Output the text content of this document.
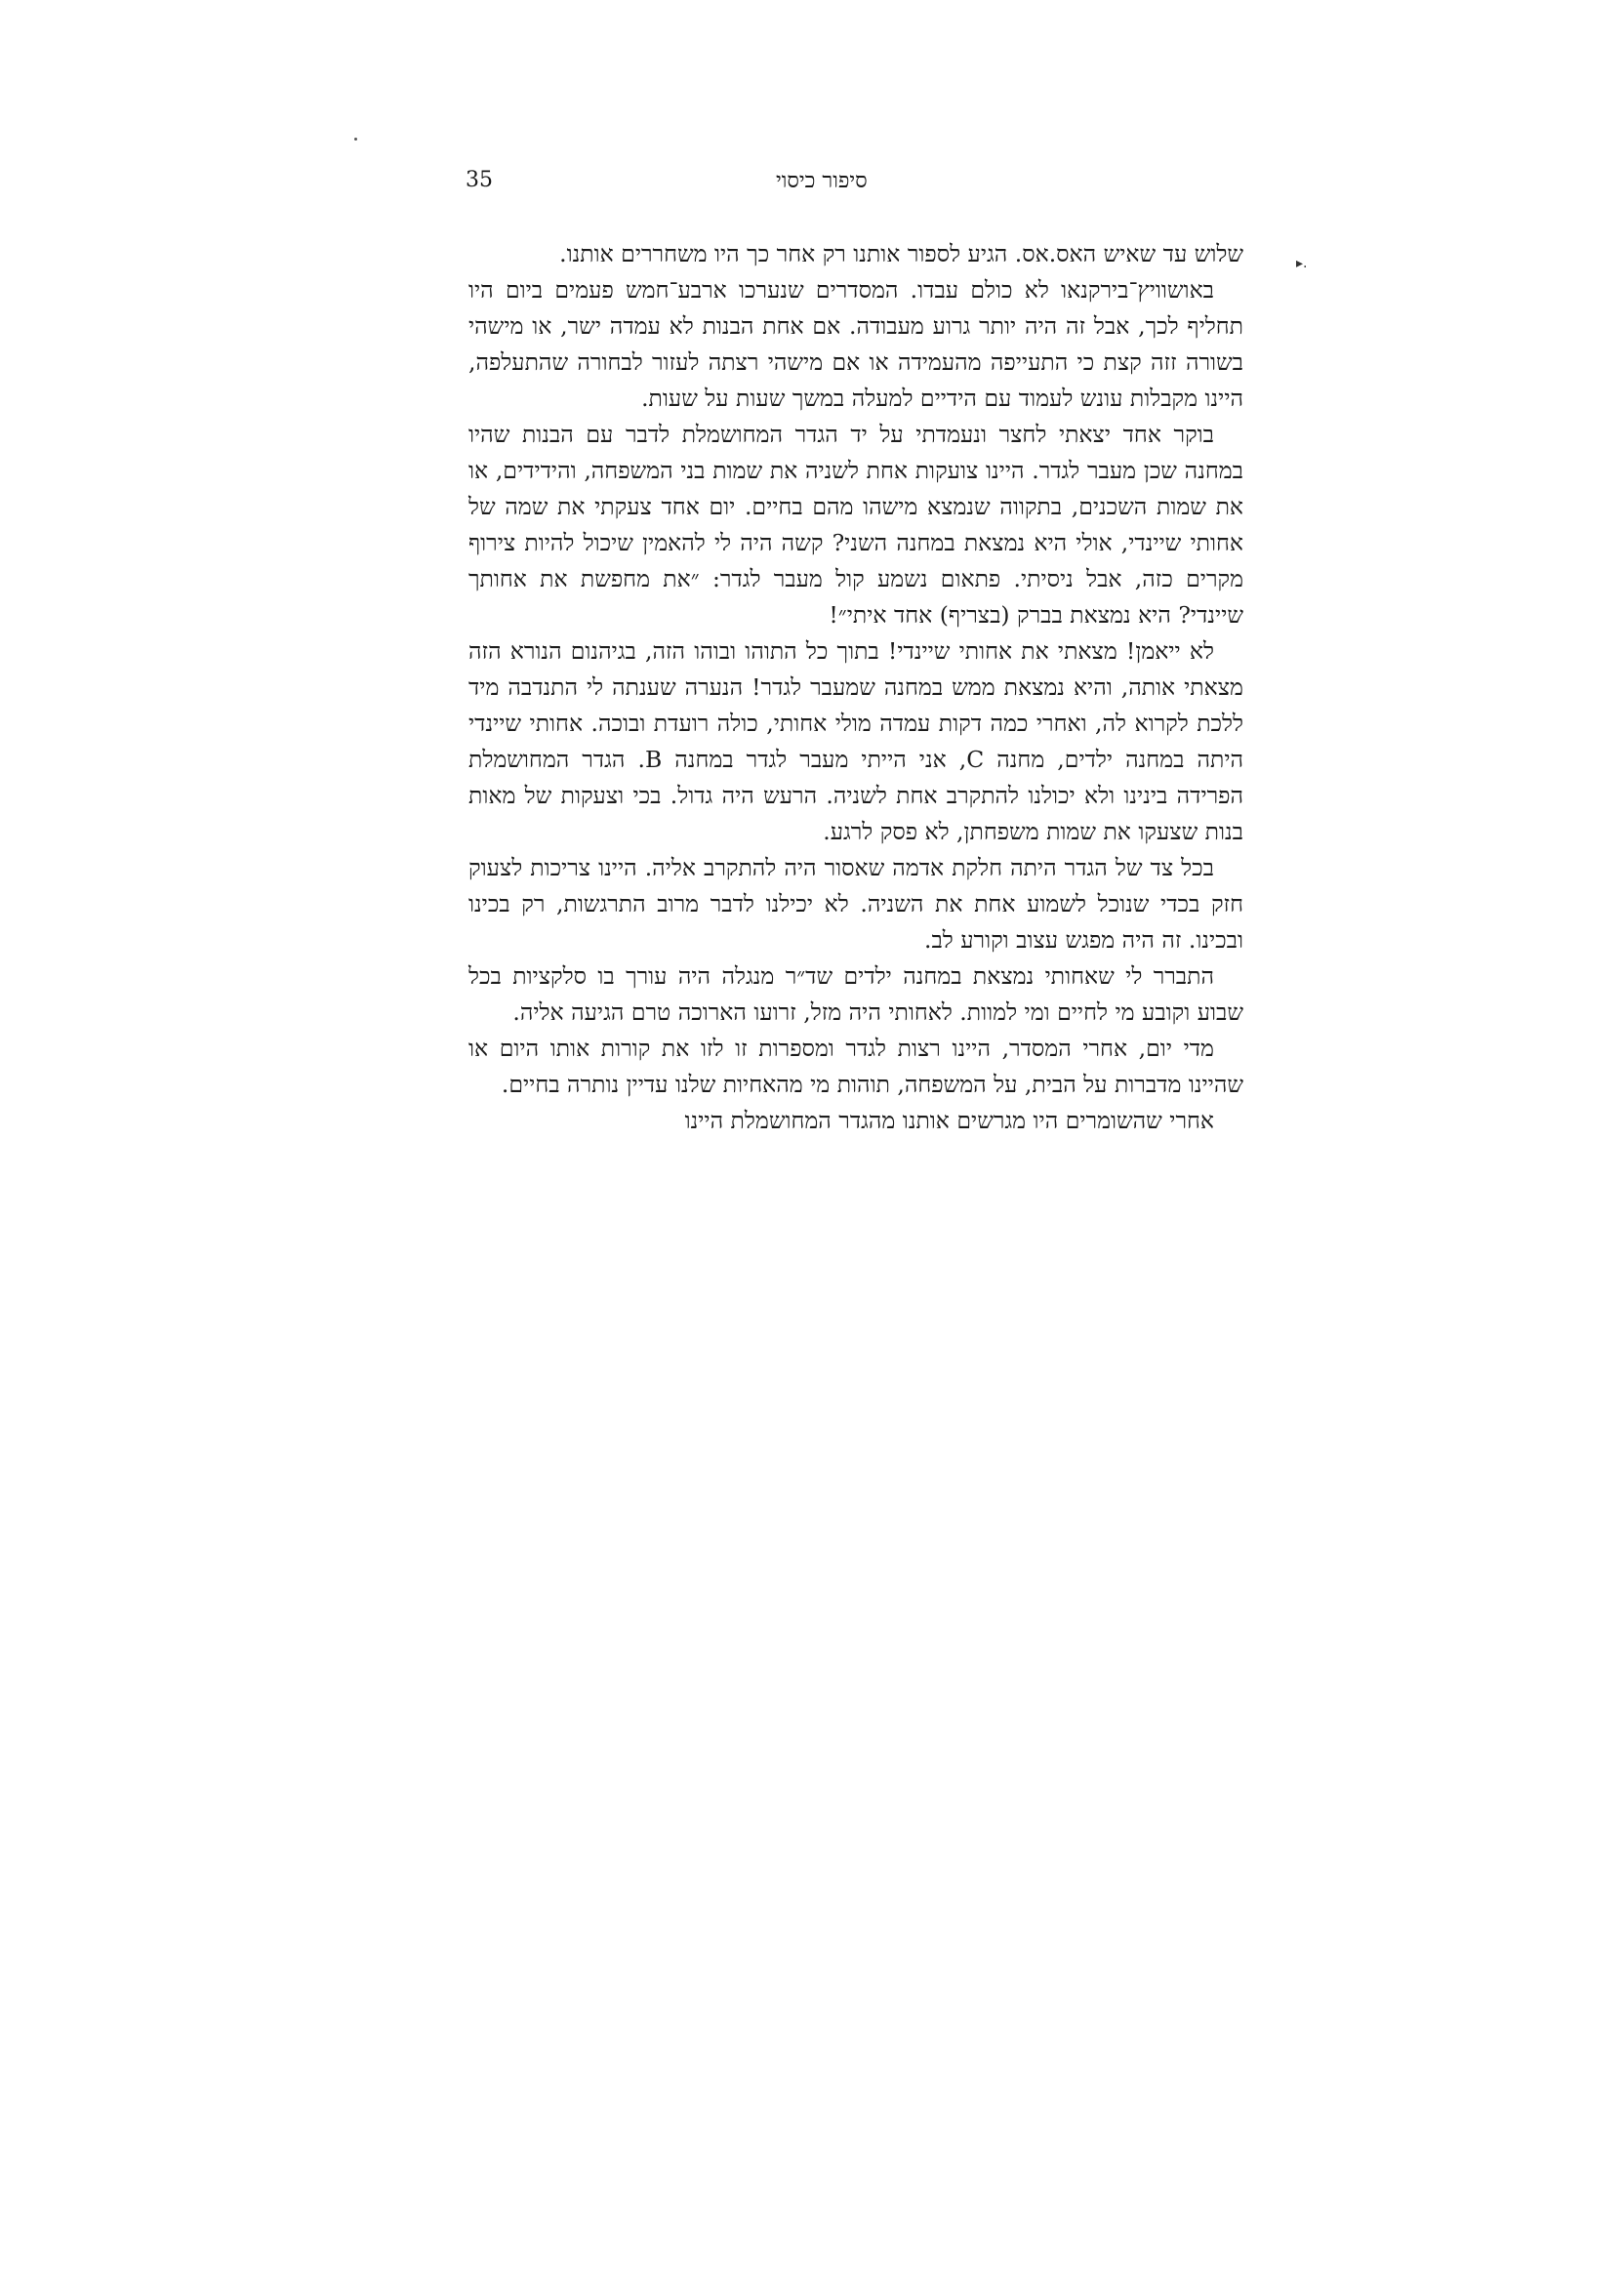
35	סיפור כיסוי
▸.

שלוש עד שאיש האס.אס. הגיע לספור אותנו רק אחר כך היו משחררים אותנו.

באושוויץ־בירקנאו לא כולם עבדו. המסדרים שנערכו ארבע־חמש פעמים ביום היו תחליף לכך, אבל זה היה יותר גרוע מעבודה. אם אחת הבנות לא עמדה ישר, או מישהי בשורה זזה קצת כי התעייפה מהעמידה או אם מישהי רצתה לעזור לבחורה שהתעלפה, היינו מקבלות עונש לעמוד עם הידיים למעלה במשך שעות על שעות.

בוקר אחד יצאתי לחצר ונעמדתי על יד הגדר המחושמלת לדבר עם הבנות שהיו במחנה שכן מעבר לגדר. היינו צועקות אחת לשניה את שמות בני המשפחה, והידידים, או את שמות השכנים, בתקווה שנמצא מישהו מהם בחיים. יום אחד צעקתי את שמה של אחותי שיינדי, אולי היא נמצאת במחנה השני? קשה היה לי להאמין שיכול להיות צירוף מקרים כזה, אבל ניסיתי. פתאום נשמע קול מעבר לגדר: ״את מחפשת את אחותך שיינדי? היא נמצאת בברק (בצריף) אחד איתי״!

לא ייאמן! מצאתי את אחותי שיינדי! בתוך כל התוהו ובוהו הזה, בגיהנום הנורא הזה מצאתי אותה, והיא נמצאת ממש במחנה שמעבר לגדר! הנערה שענתה לי התנדבה מיד ללכת לקרוא לה, ואחרי כמה דקות עמדה מולי אחותי, כולה רועדת ובוכה. אחותי שיינדי היתה במחנה ילדים, מחנה C, אני הייתי מעבר לגדר במחנה B. הגדר המחושמלת הפרידה בינינו ולא יכולנו להתקרב אחת לשניה. הרעש היה גדול. בכי וצעקות של מאות בנות שצעקו את שמות משפחתן, לא פסק לרגע.

בכל צד של הגדר היתה חלקת אדמה שאסור היה להתקרב אליה. היינו צריכות לצעוק חזק בכדי שנוכל לשמוע אחת את השניה. לא יכילנו לדבר מרוב התרגשות, רק בכינו ובכינו. זה היה מפגש עצוב וקורע לב.

התברר לי שאחותי נמצאת במחנה ילדים שד״ר מנגלה היה עורך בו סלקציות בכל שבוע וקובע מי לחיים ומי למוות. לאחותי היה מזל, זרועו הארוכה טרם הגיעה אליה.

מדי יום, אחרי המסדר, היינו רצות לגדר ומספרות זו לזו את קורות אותו היום או שהיינו מדברות על הבית, על המשפחה, תוהות מי מהאחיות שלנו עדיין נותרה בחיים.

אחרי שהשומרים היו מגרשים אותנו מהגדר המחושמלת היינו
